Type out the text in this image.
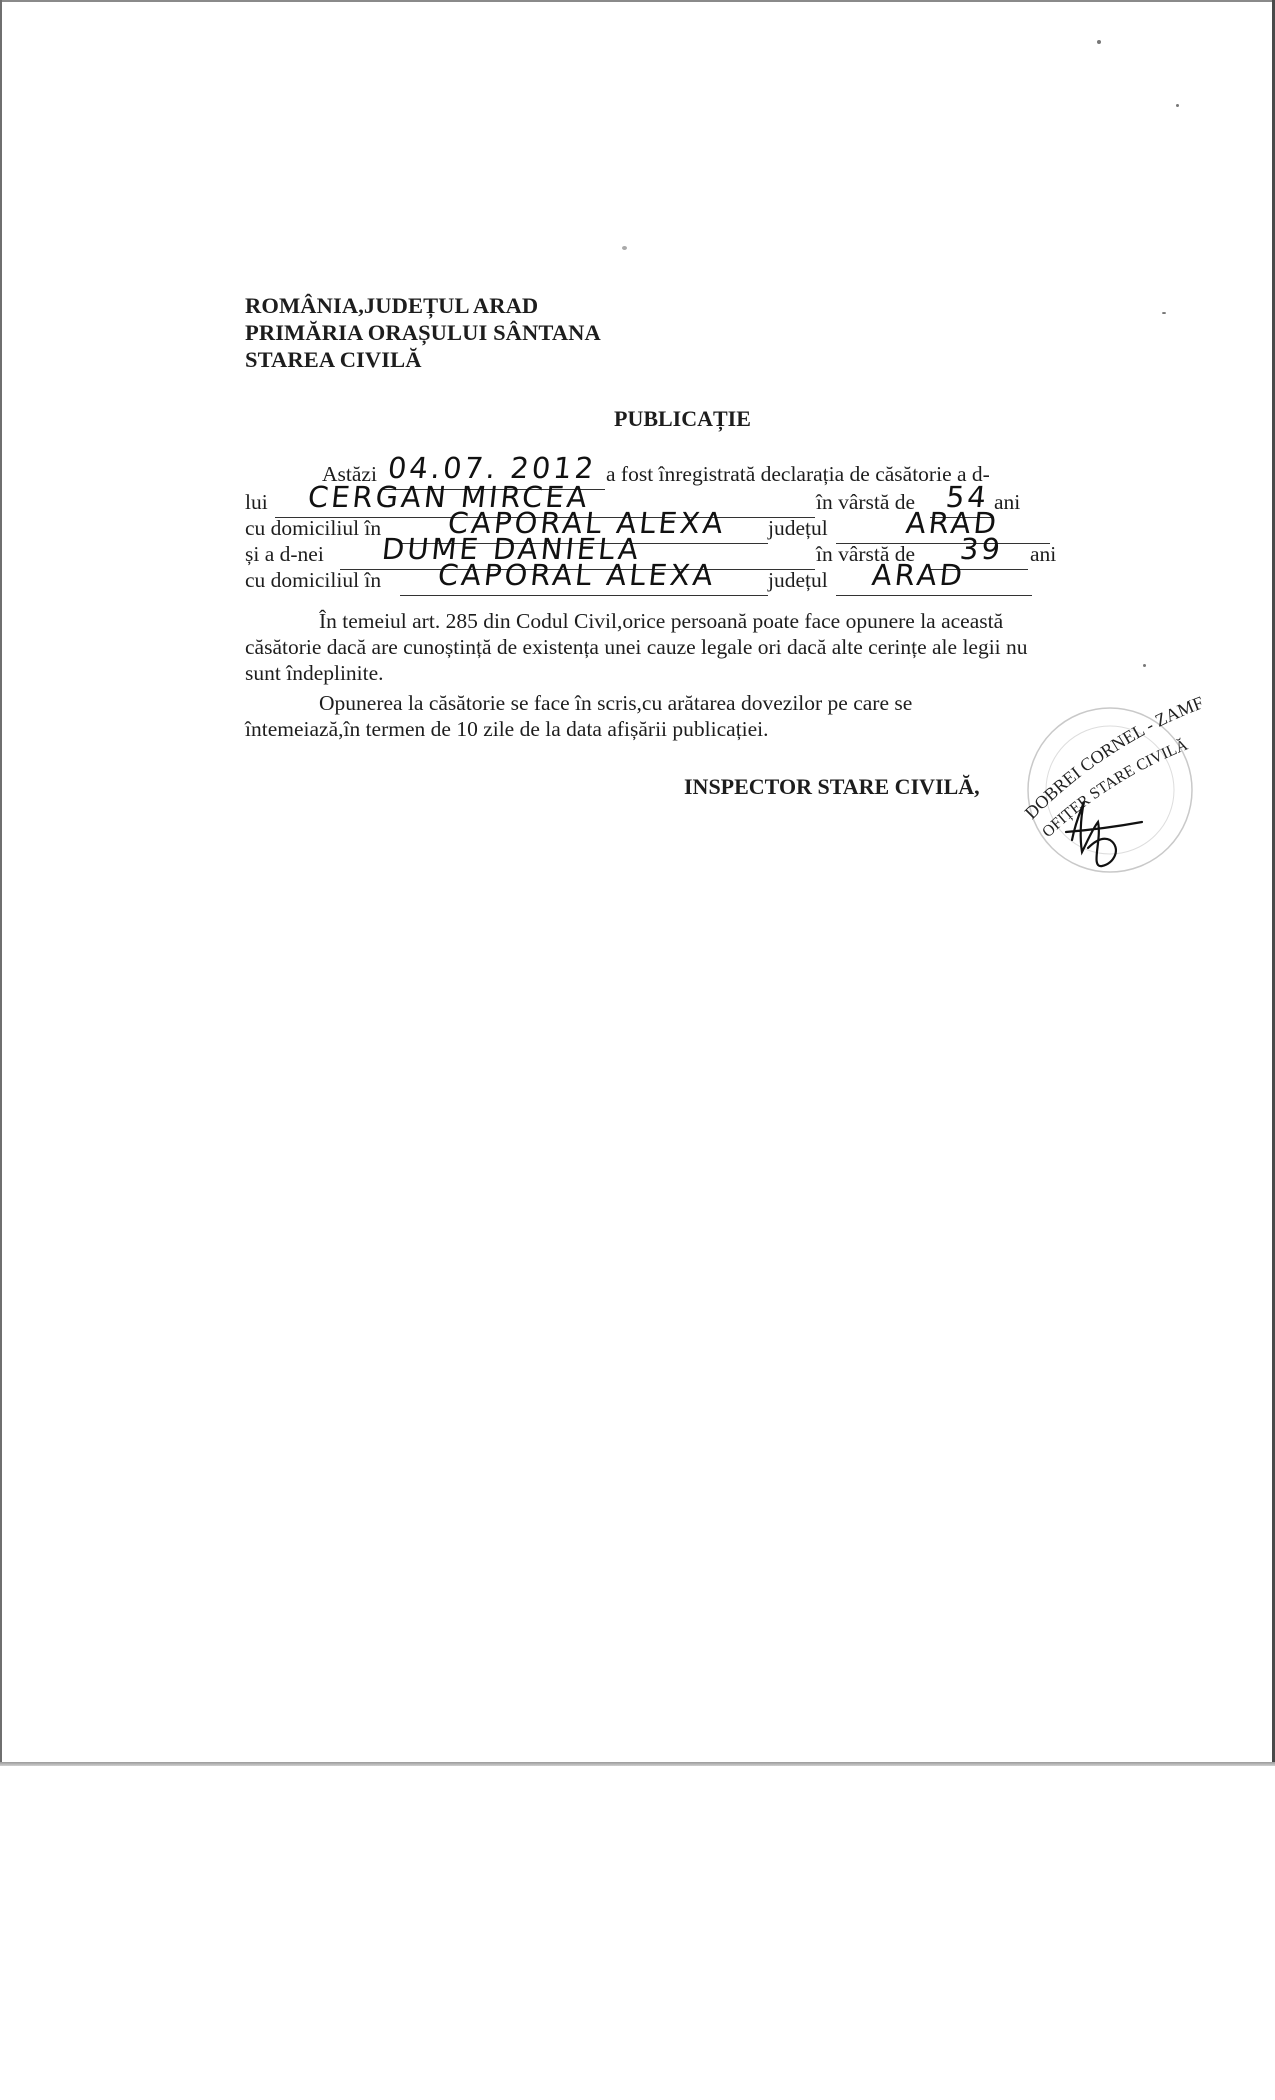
ROMÂNIA,JUDEȚUL ARAD
PRIMĂRIA ORAȘULUI SÂNTANA
STAREA CIVILĂ
PUBLICAȚIE
Astăzi 04.07. 2012 a fost înregistrată declarația de căsătorie a d-
lui CERGAN MIRCEA	în vârstă de 54 ani
cu domiciliul în CAPORAL ALEXA județul	ARAD
și a d-nei DUME DANIELA	în vârstă de 39 ani
cu domiciliul în CAPORAL ALEXA județul ARAD
În temeiul art. 285 din Codul Civil,orice persoană poate face opunere la această căsătorie dacă are cunoștință de existența unei cauze legale ori dacă alte cerințe ale legii nu sunt îndeplinite.
Opunerea la căsătorie se face în scris,cu arătarea dovezilor pe care se întemeiază,în termen de 10 zile de la data afișării publicației.
INSPECTOR STARE CIVILĂ,
DOBREI CORNEL - ZAMF
OFIȚER STARE CIVILĂ
